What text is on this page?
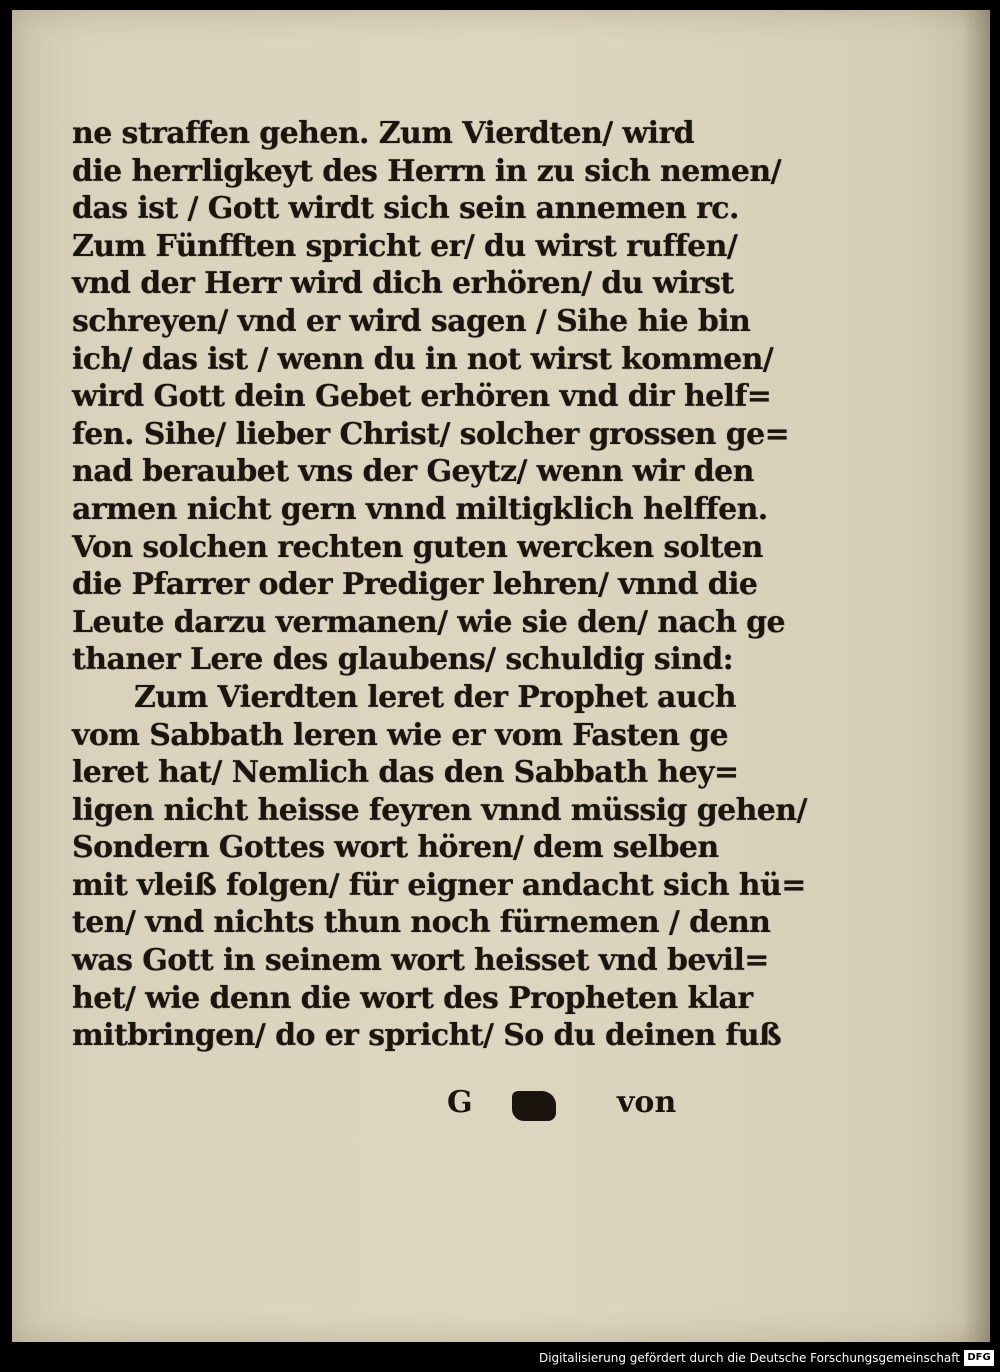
ne straffen gehen. Zum Vierdten/ wird
die herrligkeyt des Herrn in zu sich nemen/
das ist / Gott wirdt sich sein annemen rc.
Zum Fünfften spricht er/ du wirst ruffen/
vnd der Herr wird dich erhören/ du wirst
schreyen/ vnd er wird sagen / Sihe hie bin
ich/ das ist / wenn du in not wirst kommen/
wird Gott dein Gebet erhören vnd dir helf=
fen. Sihe/ lieber Christ/ solcher grossen ge=
nad beraubet vns der Geytz/ wenn wir den
armen nicht gern vnnd miltigklich helffen.
Von solchen rechten guten wercken solten
die Pfarrer oder Prediger lehren/ vnnd die
Leute darzu vermanen/ wie sie den/ nach ge
thaner Lere des glaubens/ schuldig sind:
Zum Vierdten leret der Prophet auch
vom Sabbath leren wie er vom Fasten ge
leret hat/ Nemlich das den Sabbath hey=
ligen nicht heisse feyren vnnd müssig gehen/
Sondern Gottes wort hören/ dem selben
mit vleiß folgen/ für eigner andacht sich hü=
ten/ vnd nichts thun noch fürnemen / denn
was Gott in seinem wort heisset vnd bevil=
het/ wie denn die wort des Propheten klar
mitbringen/ do er spricht/ So du deinen fuß
G	von
Digitalisierung gefördert durch die Deutsche Forschungsgemeinschaft DFG
